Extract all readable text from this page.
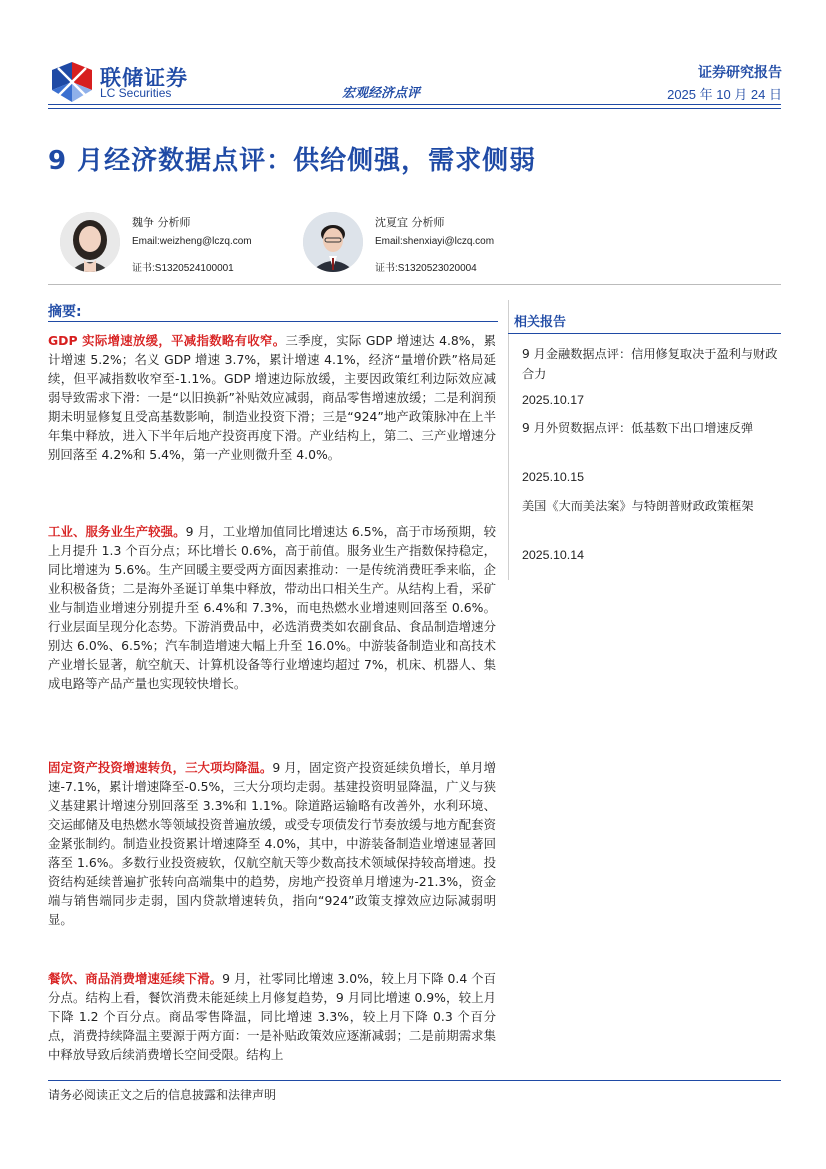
联储证券
LC Securities	宏观经济点评
证券研究报告
2025 年 10 月 24 日
9 月经济数据点评：供给侧强，需求侧弱
魏争 分析师
Email:weizheng@lczq.com
证书:S1320524100001
沈夏宜 分析师
Email:shenxiayi@lczq.com
证书:S1320523020004
摘要:
GDP 实际增速放缓，平减指数略有收窄。三季度，实际 GDP 增速达 4.8%，累计增速 5.2%；名义 GDP 增速 3.7%，累计增速 4.1%，经济“量增价跌”格局延续，但平减指数收窄至-1.1%。GDP 增速边际放缓，主要因政策红利边际效应减弱导致需求下滑：一是“以旧换新”补贴效应减弱，商品零售增速放缓；二是利润预期未明显修复且受高基数影响，制造业投资下滑；三是“924”地产政策脉冲在上半年集中释放，进入下半年后地产投资再度下滑。产业结构上，第二、三产业增速分别回落至 4.2%和 5.4%，第一产业则微升至 4.0%。
工业、服务业生产较强。9 月，工业增加值同比增速达 6.5%，高于市场预期，较上月提升 1.3 个百分点；环比增长 0.6%，高于前值。服务业生产指数保持稳定，同比增速为 5.6%。生产回暖主要受两方面因素推动：一是传统消费旺季来临，企业积极备货；二是海外圣诞订单集中释放，带动出口相关生产。从结构上看，采矿业与制造业增速分别提升至 6.4%和 7.3%，而电热燃水业增速则回落至 0.6%。行业层面呈现分化态势。下游消费品中，必选消费类如农副食品、食品制造增速分别达 6.0%、6.5%；汽车制造增速大幅上升至 16.0%。中游装备制造业和高技术产业增长显著，航空航天、计算机设备等行业增速均超过 7%，机床、机器人、集成电路等产品产量也实现较快增长。
固定资产投资增速转负，三大项均降温。9 月，固定资产投资延续负增长，单月增速-7.1%，累计增速降至-0.5%，三大分项均走弱。基建投资明显降温，广义与狭义基建累计增速分别回落至 3.3%和 1.1%。除道路运输略有改善外，水利环境、交运邮储及电热燃水等领域投资普遍放缓，或受专项债发行节奏放缓与地方配套资金紧张制约。制造业投资累计增速降至 4.0%，其中，中游装备制造业增速显著回落至 1.6%。多数行业投资疲软，仅航空航天等少数高技术领域保持较高增速。投资结构延续普遍扩张转向高端集中的趋势，房地产投资单月增速为-21.3%，资金端与销售端同步走弱，国内贷款增速转负，指向“924”政策支撑效应边际减弱明显。
餐饮、商品消费增速延续下滑。9 月，社零同比增速 3.0%，较上月下降 0.4 个百分点。结构上看，餐饮消费未能延续上月修复趋势，9 月同比增速 0.9%，较上月下降 1.2 个百分点。商品零售降温，同比增速 3.3%，较上月下降 0.3 个百分点，消费持续降温主要源于两方面：一是补贴政策效应逐渐减弱；二是前期需求集中释放导致后续消费增长空间受限。结构上
相关报告
9 月金融数据点评：信用修复取决于盈利与财政合力
2025.10.17
9 月外贸数据点评：低基数下出口增速反弹
2025.10.15
美国《大而美法案》与特朗普财政政策框架
2025.10.14
请务必阅读正文之后的信息披露和法律声明
